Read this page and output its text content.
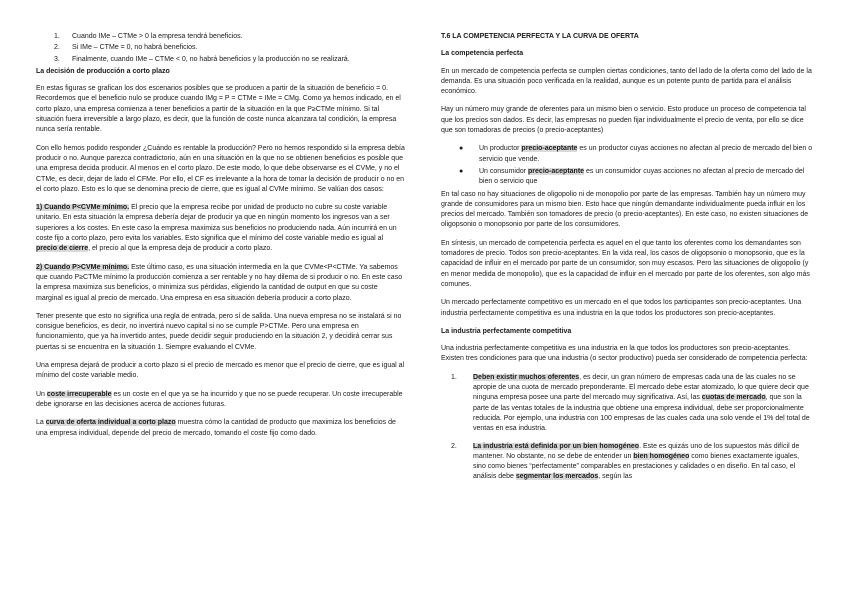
1.	Cuando IMe – CTMe > 0 la empresa tendrá beneficios.
2.	Si IMe – CTMe = 0, no habrá beneficios.
3.	Finalmente, cuando IMe – CTMe < 0, no habrá beneficios y la producción no se realizará.
La decisión de producción a corto plazo

En estas figuras se grafican los dos escenarios posibles que se producen a partir de la situación de beneficio = 0. Recordemos que el beneficio nulo se produce cuando IMg = P = CTMe = IMe = CMg. Como ya hemos indicado, en el corto plazo, una empresa comienza a tener beneficios a partir de la situación en la que P≥CTMe mínimo. Si tal situación fuera irreversible a largo plazo, es decir, que la función de coste nunca alcanzara tal condición, la empresa nunca sería rentable.

Con ello hemos podido responder ¿Cuándo es rentable la producción? Pero no hemos respondido si la empresa debía producir o no. Aunque parezca contradictorio, aún en una situación en la que no se obtienen beneficios es posible que una empresa decida producir. Al menos en el corto plazo. De este modo, lo que debe observarse es el CVMe, y no el CTMe, es decir, dejar de lado el CFMe. Por ello, el CF es irrelevante a la hora de tomar la decisión de producir o no en el corto plazo. Esto es lo que se denomina precio de cierre, que es igual al CVMe mínimo. Se valúan dos casos:

1) Cuando P<CVMe mínimo. El precio que la empresa recibe por unidad de producto no cubre su coste variable unitario. En esta situación la empresa debería dejar de producir ya que en ningún momento los ingresos van a ser superiores a los costes. En este caso la empresa maximiza sus beneficios no produciendo nada. Aún incurrirá en un coste fijo a corto plazo, pero evita los variables. Esto significa que el mínimo del coste variable medio es igual al precio de cierre, el precio al que la empresa deja de producir a corto plazo.

2) Cuando P>CVMe mínimo. Este último caso, es una situación intermedia en la que CVMe<P<CTMe. Ya sabemos que cuando P≥CTMe mínimo la producción comienza a ser rentable y no hay dilema de si producir o no. En este caso la empresa maximiza sus beneficios, o minimiza sus pérdidas, eligiendo la cantidad de output en que su coste marginal es igual al precio de mercado. Una empresa en esa situación debería producir a corto plazo.

Tener presente que esto no significa una regla de entrada, pero sí de salida. Una nueva empresa no se instalará si no consigue beneficios, es decir, no invertirá nuevo capital si no se cumple P>CTMe. Pero una empresa en funcionamiento, que ya ha invertido antes, puede decidir seguir produciendo en la situación 2, y decidirá cerrar sus puertas si se encuentra en la situación 1. Siempre evaluando el CVMe.

Una empresa dejará de producir a corto plazo si el precio de mercado es menor que el precio de cierre, que es igual al mínimo del coste variable medio.

Un coste irrecuperable es un coste en el que ya se ha incurrido y que no se puede recuperar. Un coste irrecuperable debe ignorarse en las decisiones acerca de acciones futuras.

La curva de oferta individual a corto plazo muestra cómo la cantidad de producto que maximiza los beneficios de una empresa individual, depende del precio de mercado, tomando el coste fijo como dado.

T.6 LA COMPETENCIA PERFECTA Y LA CURVA DE OFERTA
La competencia perfecta

En un mercado de competencia perfecta se cumplen ciertas condiciones, tanto del lado de la oferta como del lado de la demanda. Es una situación poco verificada en la realidad, aunque es un potente punto de partida para el análisis económico.

Hay un número muy grande de oferentes para un mismo bien o servicio. Esto produce un proceso de competencia tal que los precios son dados. Es decir, las empresas no pueden fijar individualmente el precio de venta, por ello se dice que son tomadoras de precios (o precio-aceptantes)

●	Un productor precio-aceptante es un productor cuyas acciones no afectan al precio de mercado del bien o servicio que vende.
●	Un consumidor precio-aceptante es un consumidor cuyas acciones no afectan al precio de mercado del bien o servicio que

En tal caso no hay situaciones de oligopolio ni de monopolio por parte de las empresas. También hay un número muy grande de consumidores para un mismo bien. Esto hace que ningún demandante individualmente pueda influir en los precios del mercado. También son tomadores de precio (o precio-aceptantes). En este caso, no existen situaciones de oligopsonio o monopsonio por parte de los consumidores.

En síntesis, un mercado de competencia perfecta es aquel en el que tanto los oferentes como los demandantes son tomadores de precio. Todos son precio-aceptantes. En la vida real, los casos de oligopsonio o monopsonio, que es la capacidad de influir en el mercado por parte de un consumidor, son muy escasos. Pero las situaciones de oligopolio (y en menor medida de monopolio), que es la capacidad de influir en el mercado por parte de los oferentes, son algo más comunes.

Un mercado perfectamente competitivo es un mercado en el que todos los participantes son precio-aceptantes. Una industria perfectamente competitiva es una industria en la que todos los productores son precio-aceptantes.

La industria perfectamente competitiva

Una industria perfectamente competitiva es una industria en la que todos los productores son precio-aceptantes. Existen tres condiciones para que una industria (o sector productivo) pueda ser considerado de competencia perfecta:

1.	Deben existir muchos oferentes, es decir, un gran número de empresas cada una de las cuales no se apropie de una cuota de mercado preponderante. El mercado debe estar atomizado, lo que quiere decir que ninguna empresa posee una parte del mercado muy significativa. Así, las cuotas de mercado, que son la parte de las ventas totales de la industria que obtiene una empresa individual, debe ser proporcionalmente reducida. Por ejemplo, una industria con 100 empresas de las cuales cada una solo vende el 1% del total de ventas en esa industria.
2.	La industria está definida por un bien homogéneo. Este es quizás uno de los supuestos más difícil de mantener. No obstante, no se debe de entender un bien homogéneo como bienes exactamente iguales, sino como bienes “perfectamente” comparables en prestaciones y calidades o en diseño. En tal caso, el análisis debe segmentar los mercados, según las
